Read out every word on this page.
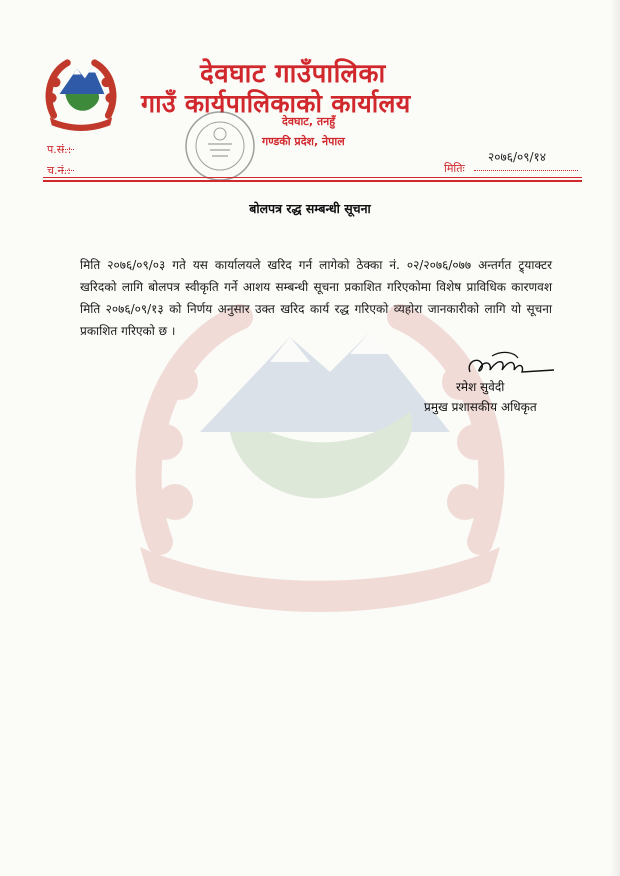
देवघाट गाउँपालिका
गाउँ कार्यपालिकाको कार्यालय
देवघाट, तनहुँ
गण्डकी प्रदेश, नेपाल
प.सं.:
च.नं.:
२०७६/०९/१४
मितिः
बोलपत्र रद्ध सम्बन्धी सूचना
मिति २०७६/०९/०३ गते यस कार्यालयले खरिद गर्न लागेको ठेक्का नं. ०२/२०७६/०७७ अन्तर्गत ट्र्याक्टर खरिदको लागि बोलपत्र स्वीकृति गर्ने आशय सम्बन्धी सूचना प्रकाशित गरिएकोमा विशेष प्राविधिक कारणवश मिति २०७६/०९/१३ को निर्णय अनुसार उक्त खरिद कार्य रद्ध गरिएको व्यहोरा जानकारीको लागि यो सूचना प्रकाशित गरिएको छ ।
रमेश सुवेदी
प्रमुख प्रशासकीय अधिकृत
